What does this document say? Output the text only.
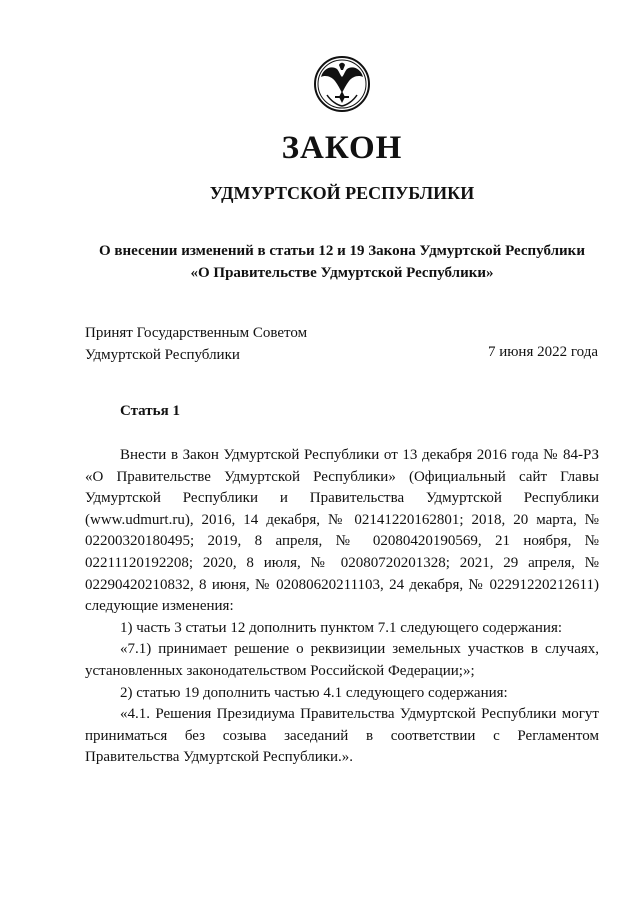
ЗАКОН
УДМУРТСКОЙ РЕСПУБЛИКИ
О внесении изменений в статьи 12 и 19 Закона Удмуртской Республики
«О Правительстве Удмуртской Республики»
Принят Государственным Советом
Удмуртской Республики	7 июня 2022 года
Статья 1

Внести в Закон Удмуртской Республики от 13 декабря 2016 года № 84-РЗ «О Правительстве Удмуртской Республики» (Официальный сайт Главы Удмуртской Республики и Правительства Удмуртской Республики (www.udmurt.ru), 2016, 14 декабря, № 02141220162801; 2018, 20 марта, № 02200320180495; 2019, 8 апреля, № 02080420190569, 21 ноября, № 02211120192208; 2020, 8 июля, № 02080720201328; 2021, 29 апреля, № 02290420210832, 8 июня, № 02080620211103, 24 декабря, № 02291220212611) следующие изменения:

1) часть 3 статьи 12 дополнить пунктом 7.1 следующего содержания:

«7.1) принимает решение о реквизиции земельных участков в случаях, установленных законодательством Российской Федерации;»;

2) статью 19 дополнить частью 4.1 следующего содержания:

«4.1. Решения Президиума Правительства Удмуртской Республики могут приниматься без созыва заседаний в соответствии с Регламентом Правительства Удмуртской Республики.».
